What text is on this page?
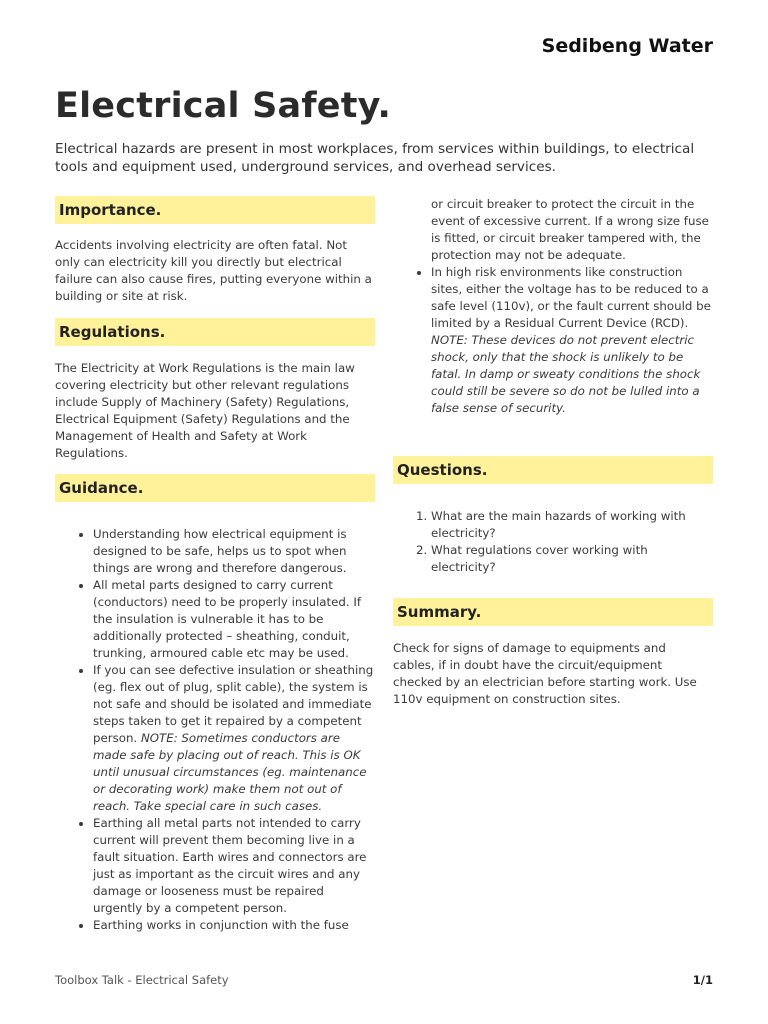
Sedibeng Water
Electrical Safety.

Electrical hazards are present in most workplaces, from services within buildings, to electrical tools and equipment used, underground services, and overhead services.

Importance.

Accidents involving electricity are often fatal. Not only can electricity kill you directly but electrical failure can also cause fires, putting everyone within a building or site at risk.

Regulations.

The Electricity at Work Regulations is the main law covering electricity but other relevant regulations include Supply of Machinery (Safety) Regulations, Electrical Equipment (Safety) Regulations and the Management of Health and Safety at Work Regulations.

Guidance.
• Understanding how electrical equipment is designed to be safe, helps us to spot when things are wrong and therefore dangerous.
• All metal parts designed to carry current (conductors) need to be properly insulated. If the insulation is vulnerable it has to be additionally protected – sheathing, conduit, trunking, armoured cable etc may be used.
• If you can see defective insulation or sheathing (eg. flex out of plug, split cable), the system is not safe and should be isolated and immediate steps taken to get it repaired by a competent person. NOTE: Sometimes conductors are made safe by placing out of reach. This is OK until unusual circumstances (eg. maintenance or decorating work) make them not out of reach. Take special care in such cases.
• Earthing all metal parts not intended to carry current will prevent them becoming live in a fault situation. Earth wires and connectors are just as important as the circuit wires and any damage or looseness must be repaired urgently by a competent person.
• Earthing works in conjunction with the fuse

or circuit breaker to protect the circuit in the event of excessive current. If a wrong size fuse is fitted, or circuit breaker tampered with, the protection may not be adequate.

• In high risk environments like construction sites, either the voltage has to be reduced to a safe level (110v), or the fault current should be limited by a Residual Current Device (RCD). NOTE: These devices do not prevent electric shock, only that the shock is unlikely to be fatal. In damp or sweaty conditions the shock could still be severe so do not be lulled into a false sense of security.
Questions.
1. What are the main hazards of working with electricity?
2. What regulations cover working with electricity?
Summary.

Check for signs of damage to equipments and cables, if in doubt have the circuit/equipment checked by an electrician before starting work. Use 110v equipment on construction sites.

Toolbox Talk - Electrical Safety	1/1
